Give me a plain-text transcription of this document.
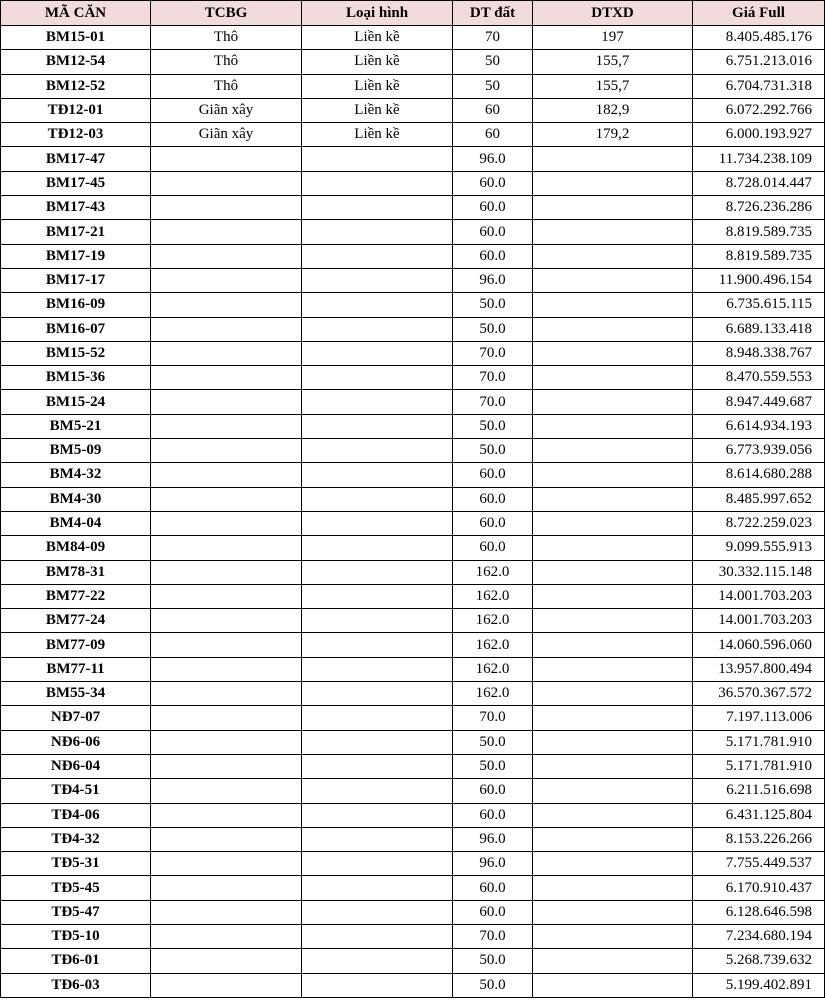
MÃ CĂN	TCBG	Loại hình	DT đất	DTXD	Giá Full
BM15-01	Thô	Liền kề	70	197	8.405.485.176
BM12-54	Thô	Liền kề	50	155,7	6.751.213.016
BM12-52	Thô	Liền kề	50	155,7	6.704.731.318
TĐ12-01	Giãn xây	Liền kề	60	182,9	6.072.292.766
TĐ12-03	Giãn xây	Liền kề	60	179,2	6.000.193.927
BM17-47			96.0		11.734.238.109
BM17-45			60.0		8.728.014.447
BM17-43			60.0		8.726.236.286
BM17-21			60.0		8.819.589.735
BM17-19			60.0		8.819.589.735
BM17-17			96.0		11.900.496.154
BM16-09			50.0		6.735.615.115
BM16-07			50.0		6.689.133.418
BM15-52			70.0		8.948.338.767
BM15-36			70.0		8.470.559.553
BM15-24			70.0		8.947.449.687
BM5-21			50.0		6.614.934.193
BM5-09			50.0		6.773.939.056
BM4-32			60.0		8.614.680.288
BM4-30			60.0		8.485.997.652
BM4-04			60.0		8.722.259.023
BM84-09			60.0		9.099.555.913
BM78-31			162.0		30.332.115.148
BM77-22			162.0		14.001.703.203
BM77-24			162.0		14.001.703.203
BM77-09			162.0		14.060.596.060
BM77-11			162.0		13.957.800.494
BM55-34			162.0		36.570.367.572
NĐ7-07			70.0		7.197.113.006
NĐ6-06			50.0		5.171.781.910
NĐ6-04			50.0		5.171.781.910
TĐ4-51			60.0		6.211.516.698
TĐ4-06			60.0		6.431.125.804
TĐ4-32			96.0		8.153.226.266
TĐ5-31			96.0		7.755.449.537
TĐ5-45			60.0		6.170.910.437
TĐ5-47			60.0		6.128.646.598
TĐ5-10			70.0		7.234.680.194
TĐ6-01			50.0		5.268.739.632
TĐ6-03			50.0		5.199.402.891
